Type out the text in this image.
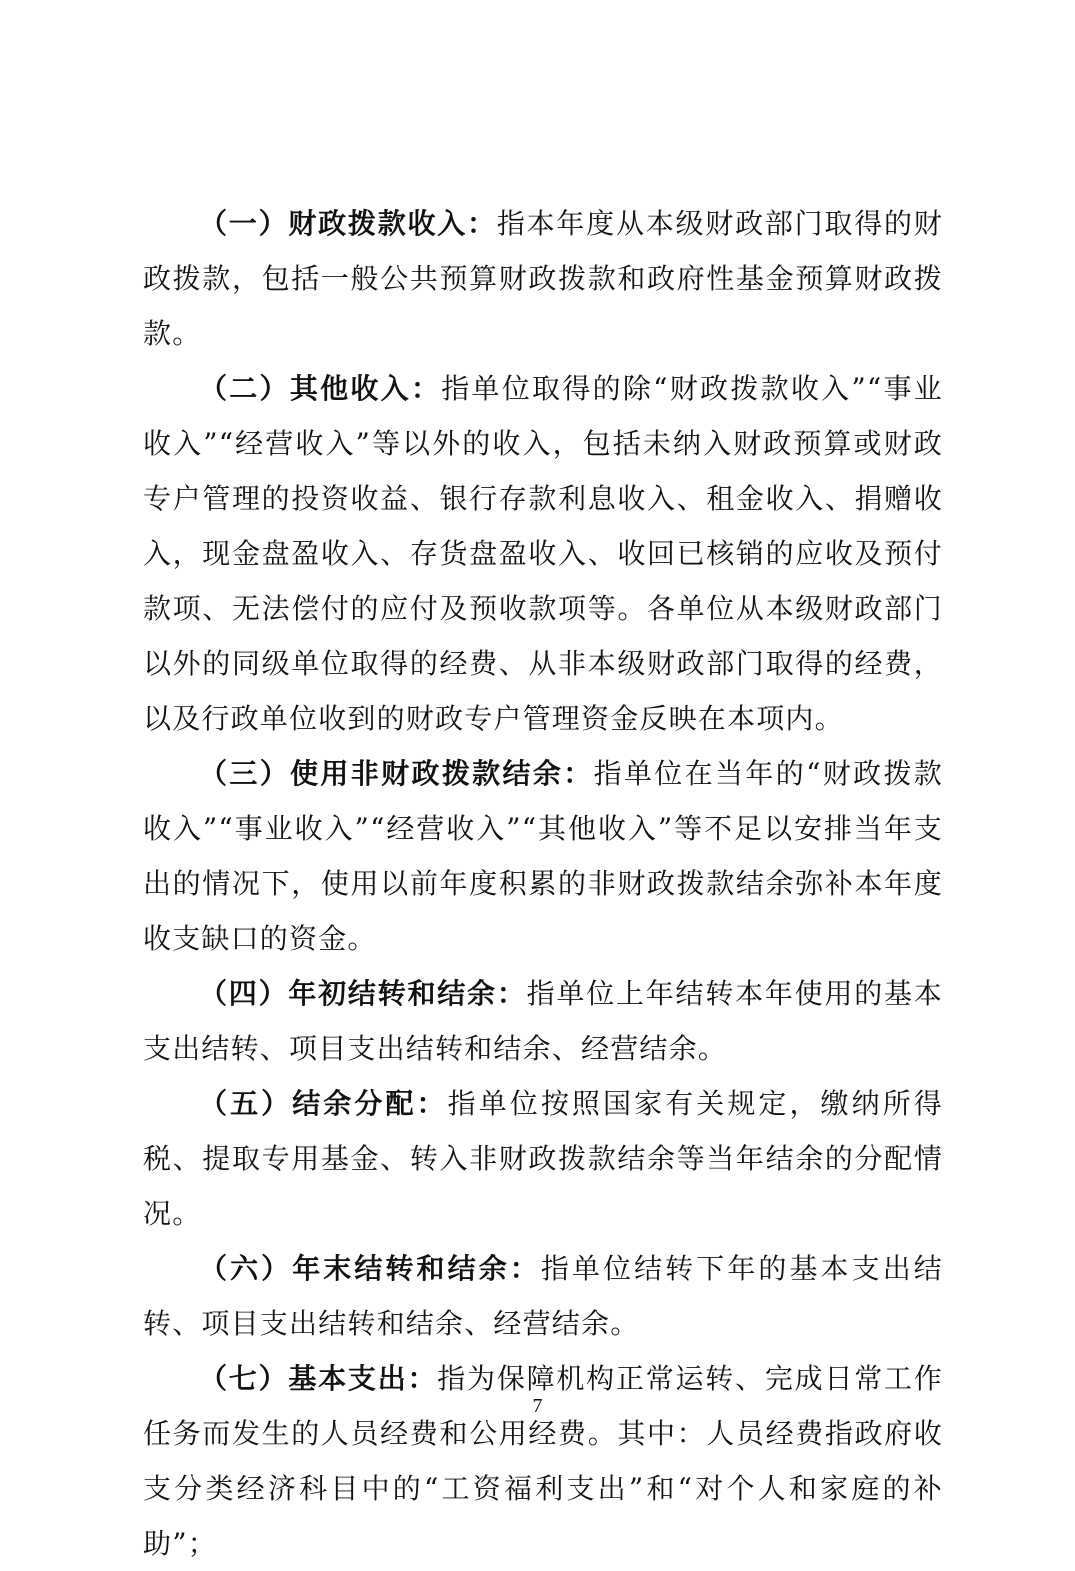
（一）财政拨款收入：指本年度从本级财政部门取得的财政拨款，包括一般公共预算财政拨款和政府性基金预算财政拨款。

（二）其他收入：指单位取得的除“财政拨款收入”“事业收入”“经营收入”等以外的收入，包括未纳入财政预算或财政专户管理的投资收益、银行存款利息收入、租金收入、捐赠收入，现金盘盈收入、存货盘盈收入、收回已核销的应收及预付款项、无法偿付的应付及预收款项等。各单位从本级财政部门以外的同级单位取得的经费、从非本级财政部门取得的经费，以及行政单位收到的财政专户管理资金反映在本项内。

（三）使用非财政拨款结余：指单位在当年的“财政拨款收入”“事业收入”“经营收入”“其他收入”等不足以安排当年支出的情况下，使用以前年度积累的非财政拨款结余弥补本年度收支缺口的资金。

（四）年初结转和结余：指单位上年结转本年使用的基本支出结转、项目支出结转和结余、经营结余。

（五）结余分配：指单位按照国家有关规定，缴纳所得税、提取专用基金、转入非财政拨款结余等当年结余的分配情况。

（六）年末结转和结余：指单位结转下年的基本支出结转、项目支出结转和结余、经营结余。

（七）基本支出：指为保障机构正常运转、完成日常工作任务而发生的人员经费和公用经费。其中：人员经费指政府收支分类经济科目中的“工资福利支出”和“对个人和家庭的补助”；

7
